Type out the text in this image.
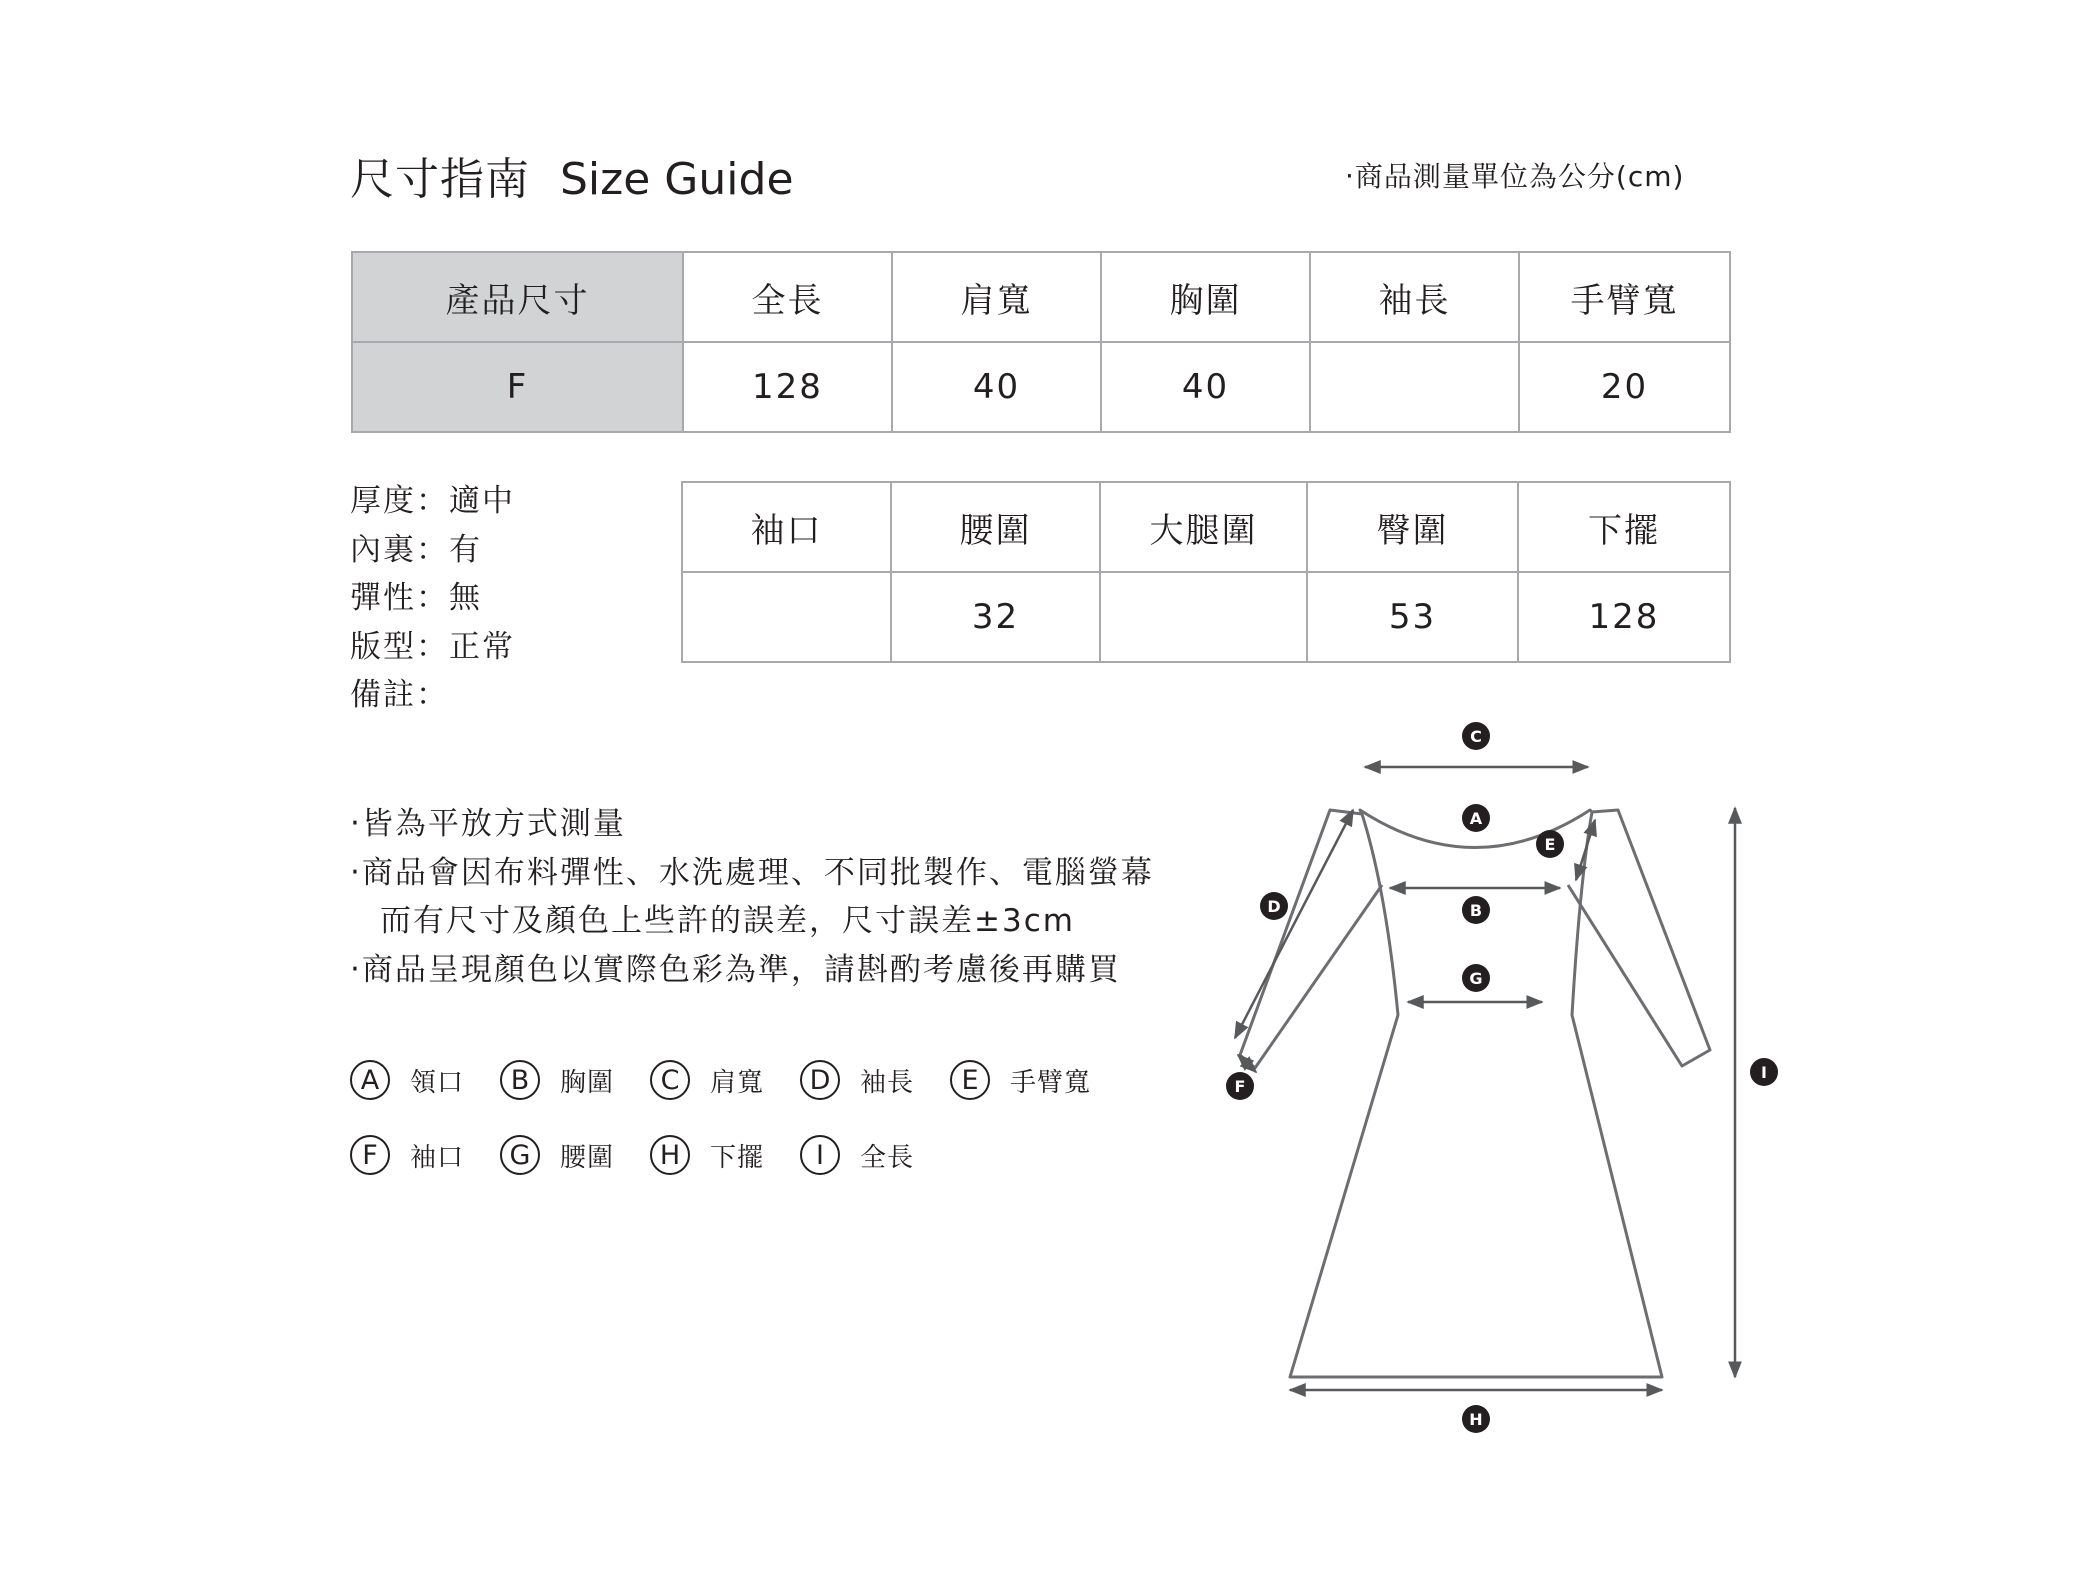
尺寸指南 Size Guide	‧商品測量單位為公分(cm)
產品尺寸	全長	肩寬	胸圍	袖長	手臂寬
F	128	40	40		20
厚度：適中
內裏：有
彈性：無
版型：正常
備註：
袖口	腰圍	大腿圍	臀圍	下擺
	32		53	128
‧皆為平放方式測量
‧商品會因布料彈性、水洗處理、不同批製作、電腦螢幕
而有尺寸及顏色上些許的誤差，尺寸誤差±3cm
‧商品呈現顏色以實際色彩為準，請斟酌考慮後再購買
A	領口	B	胸圍	C	肩寬	D	袖長	E	手臂寬
F	袖口	G	腰圍	H	下擺	I	全長
C
A
E
D	B
G
F
I
H
